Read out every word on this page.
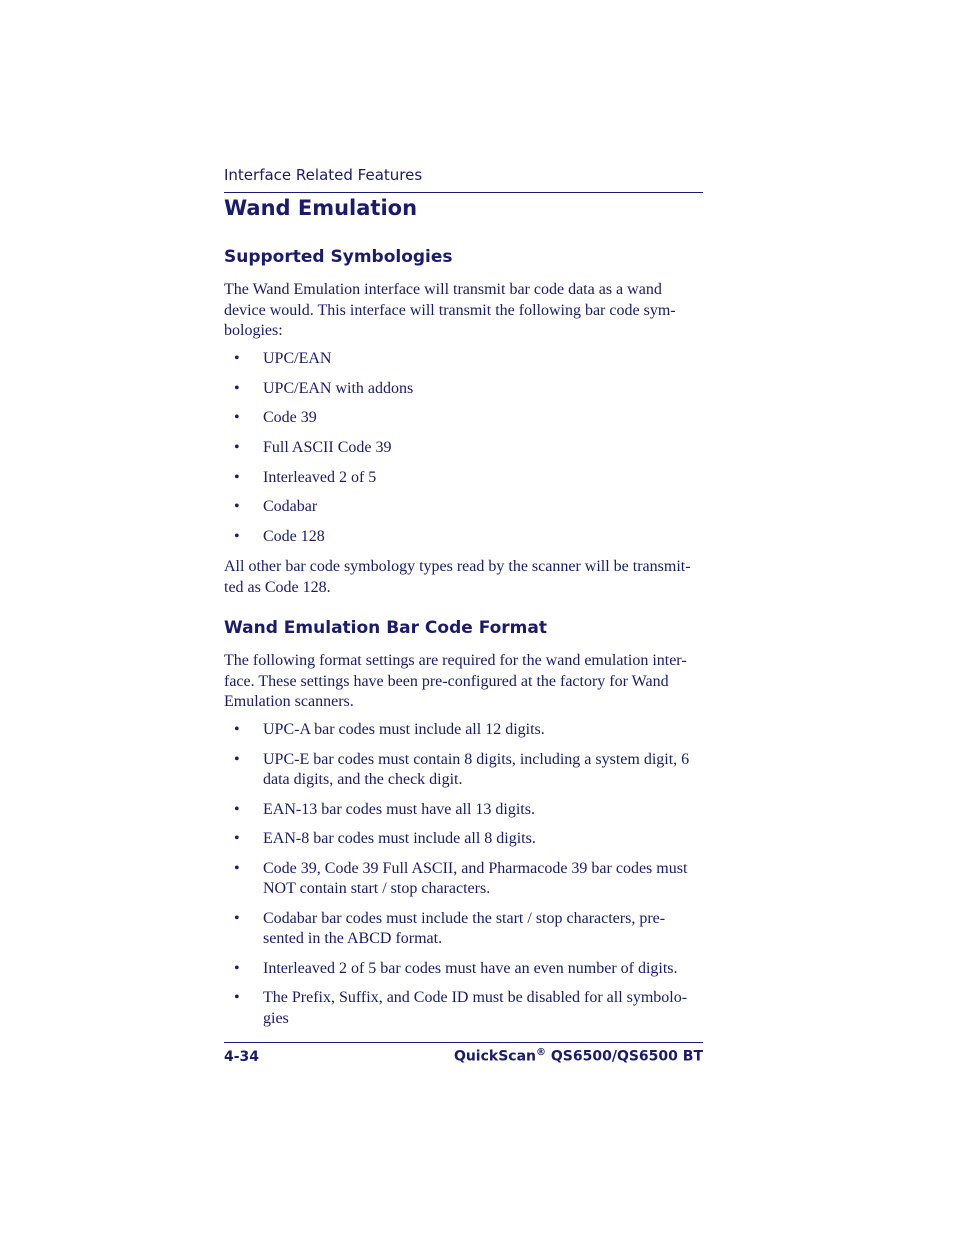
Interface Related Features
Wand Emulation
Supported Symbologies
The Wand Emulation interface will transmit bar code data as a wand
device would. This interface will transmit the following bar code sym-
bologies:
• UPC/EAN
• UPC/EAN with addons
• Code 39
• Full ASCII Code 39
• Interleaved 2 of 5
• Codabar
• Code 128
All other bar code symbology types read by the scanner will be transmit-
ted as Code 128.
Wand Emulation Bar Code Format
The following format settings are required for the wand emulation inter-
face. These settings have been pre-configured at the factory for Wand
Emulation scanners.
• UPC-A bar codes must include all 12 digits.
• UPC-E bar codes must contain 8 digits, including a system digit, 6
data digits, and the check digit.
• EAN-13 bar codes must have all 13 digits.
• EAN-8 bar codes must include all 8 digits.
• Code 39, Code 39 Full ASCII, and Pharmacode 39 bar codes must
NOT contain start / stop characters.
• Codabar bar codes must include the start / stop characters, pre-
sented in the ABCD format.
• Interleaved 2 of 5 bar codes must have an even number of digits.
• The Prefix, Suffix, and Code ID must be disabled for all symbolo-
gies
4-34	QuickScan® QS6500/QS6500 BT
